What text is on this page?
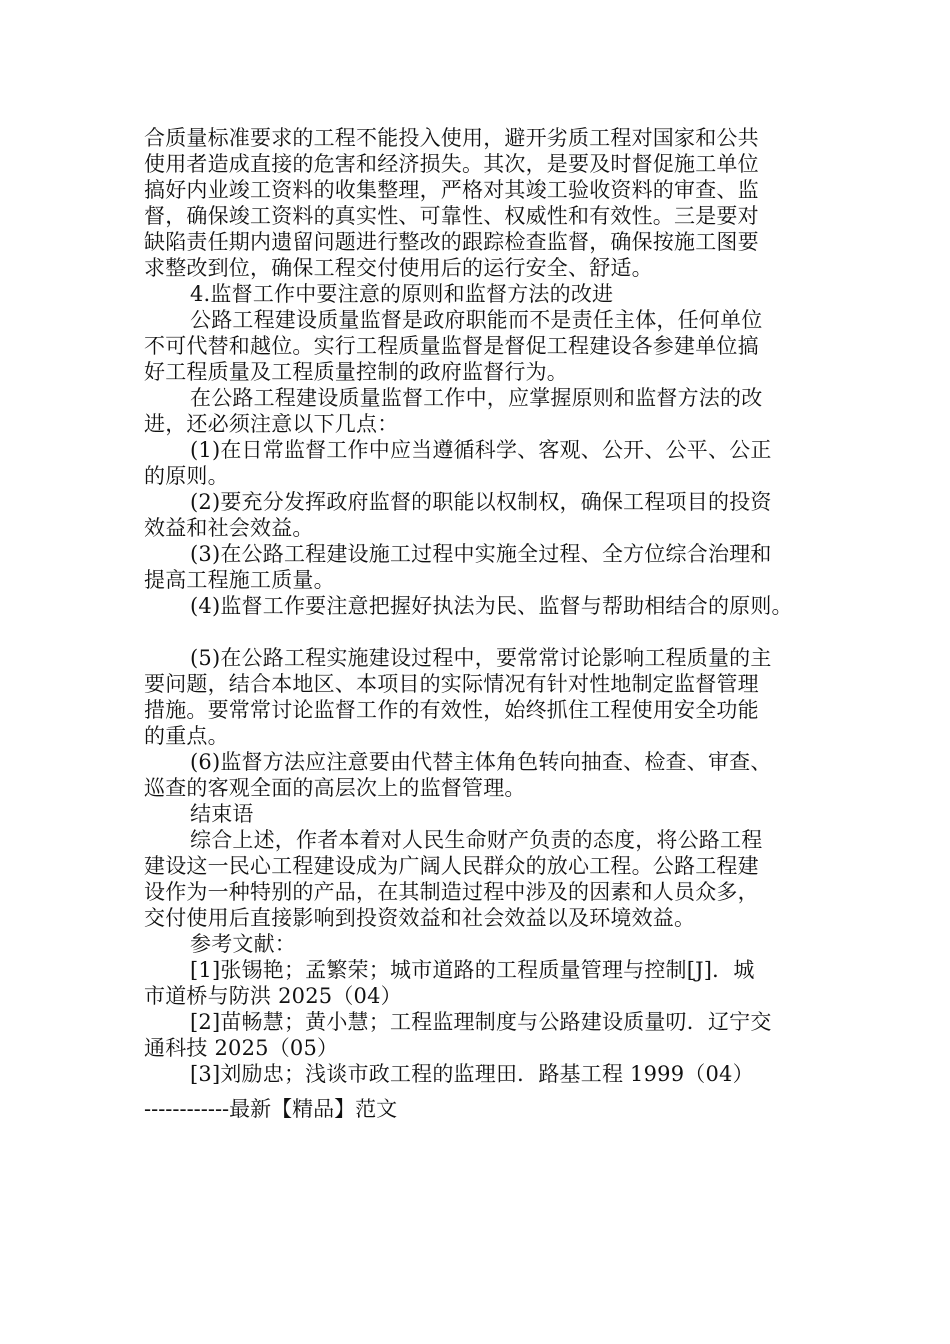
合质量标准要求的工程不能投入使用，避开劣质工程对国家和公共
使用者造成直接的危害和经济损失。其次，是要及时督促施工单位
搞好内业竣工资料的收集整理，严格对其竣工验收资料的审查、监
督，确保竣工资料的真实性、可靠性、权威性和有效性。三是要对
缺陷责任期内遗留问题进行整改的跟踪检查监督，确保按施工图要
求整改到位，确保工程交付使用后的运行安全、舒适。
4.监督工作中要注意的原则和监督方法的改进
公路工程建设质量监督是政府职能而不是责任主体，任何单位
不可代替和越位。实行工程质量监督是督促工程建设各参建单位搞
好工程质量及工程质量控制的政府监督行为。
在公路工程建设质量监督工作中，应掌握原则和监督方法的改
进，还必须注意以下几点：
(1)在日常监督工作中应当遵循科学、客观、公开、公平、公正
的原则。
(2)要充分发挥政府监督的职能以权制权，确保工程项目的投资
效益和社会效益。
(3)在公路工程建设施工过程中实施全过程、全方位综合治理和
提高工程施工质量。
(4)监督工作要注意把握好执法为民、监督与帮助相结合的原则。
(5)在公路工程实施建设过程中，要常常讨论影响工程质量的主
要问题，结合本地区、本项目的实际情况有针对性地制定监督管理
措施。要常常讨论监督工作的有效性，始终抓住工程使用安全功能
的重点。
(6)监督方法应注意要由代替主体角色转向抽查、检查、审查、
巡查的客观全面的高层次上的监督管理。
结束语
综合上述，作者本着对人民生命财产负责的态度，将公路工程
建设这一民心工程建设成为广阔人民群众的放心工程。公路工程建
设作为一种特别的产品，在其制造过程中涉及的因素和人员众多，
交付使用后直接影响到投资效益和社会效益以及环境效益。
参考文献：
[1]张锡艳；孟繁荣；城市道路的工程质量管理与控制[J]．城
市道桥与防洪 2025（04）
[2]苗畅慧；黄小慧；工程监理制度与公路建设质量叨．辽宁交
通科技 2025（05）
[3]刘励忠；浅谈市政工程的监理田．路基工程 1999（04）
------------最新【精品】范文
